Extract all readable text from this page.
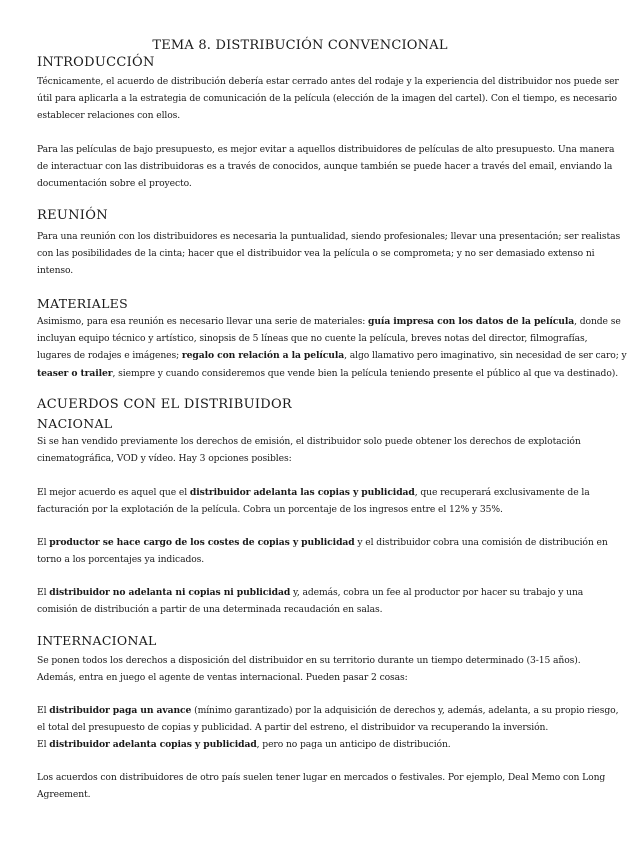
TEMA 8. DISTRIBUCIÓN CONVENCIONAL
INTRODUCCIÓN

Técnicamente, el acuerdo de distribución debería estar cerrado antes del rodaje y la experiencia del distribuidor nos puede ser
útil para aplicarla a la estrategia de comunicación de la película (elección de la imagen del cartel). Con el tiempo, es necesario
establecer relaciones con ellos.

Para las películas de bajo presupuesto, es mejor evitar a aquellos distribuidores de películas de alto presupuesto. Una manera
de interactuar con las distribuidoras es a través de conocidos, aunque también se puede hacer a través del email, enviando la
documentación sobre el proyecto.

REUNIÓN

Para una reunión con los distribuidores es necesaria la puntualidad, siendo profesionales; llevar una presentación; ser realistas
con las posibilidades de la cinta; hacer que el distribuidor vea la película o se comprometa; y no ser demasiado extenso ni
intenso.

MATERIALES

Asimismo, para esa reunión es necesario llevar una serie de materiales: guía impresa con los datos de la película, donde se
incluyan equipo técnico y artístico, sinopsis de 5 líneas que no cuente la película, breves notas del director, filmografías,
lugares de rodajes e imágenes; regalo con relación a la película, algo llamativo pero imaginativo, sin necesidad de ser caro; y
teaser o trailer, siempre y cuando consideremos que vende bien la película teniendo presente el público al que va destinado).

ACUERDOS CON EL DISTRIBUIDOR
NACIONAL

Si se han vendido previamente los derechos de emisión, el distribuidor solo puede obtener los derechos de explotación
cinematográfica, VOD y vídeo. Hay 3 opciones posibles:

El mejor acuerdo es aquel que el distribuidor adelanta las copias y publicidad, que recuperará exclusivamente de la
facturación por la explotación de la película. Cobra un porcentaje de los ingresos entre el 12% y 35%.

El productor se hace cargo de los costes de copias y publicidad y el distribuidor cobra una comisión de distribución en
torno a los porcentajes ya indicados.

El distribuidor no adelanta ni copias ni publicidad y, además, cobra un fee al productor por hacer su trabajo y una
comisión de distribución a partir de una determinada recaudación en salas.

INTERNACIONAL

Se ponen todos los derechos a disposición del distribuidor en su territorio durante un tiempo determinado (3-15 años).
Además, entra en juego el agente de ventas internacional. Pueden pasar 2 cosas:

El distribuidor paga un avance (mínimo garantizado) por la adquisición de derechos y, además, adelanta, a su propio riesgo,
el total del presupuesto de copias y publicidad. A partir del estreno, el distribuidor va recuperando la inversión.
El distribuidor adelanta copias y publicidad, pero no paga un anticipo de distribución.

Los acuerdos con distribuidores de otro país suelen tener lugar en mercados o festivales. Por ejemplo, Deal Memo con Long
Agreement.
